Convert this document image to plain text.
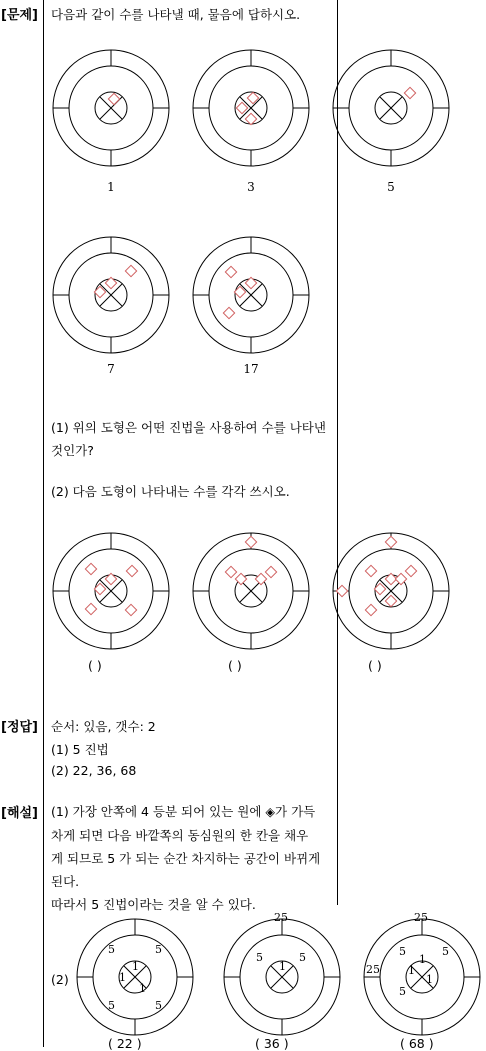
[문제]
[정답]
[해설]
다음과 같이 수를 나타낼 때, 물음에 답하시오.
1	3	5
7	17
(1) 위의 도형은 어떤 진법을 사용하여 수를 나타낸
것인가?
(2) 다음 도형이 나타내는 수를 각각 쓰시오.
( )	( )	( )
순서: 있음, 갯수: 2
(1) 5 진법
(2) 22, 36, 68
(1) 가장 안쪽에 4 등분 되어 있는 원에 ◈가 가득
차게 되면 다음 바깥쪽의 동심원의 한 칸을 채우
게 되므로 5 가 되는 순간 차지하는 공간이 바뀌게
된다.
따라서 5 진법이라는 것을 알 수 있다.
(2)
5	5
5	5
1
1
1
( 22 )
25
5	5
1
( 36 )
25
25
5	5
5
1
1
1
( 68 )
